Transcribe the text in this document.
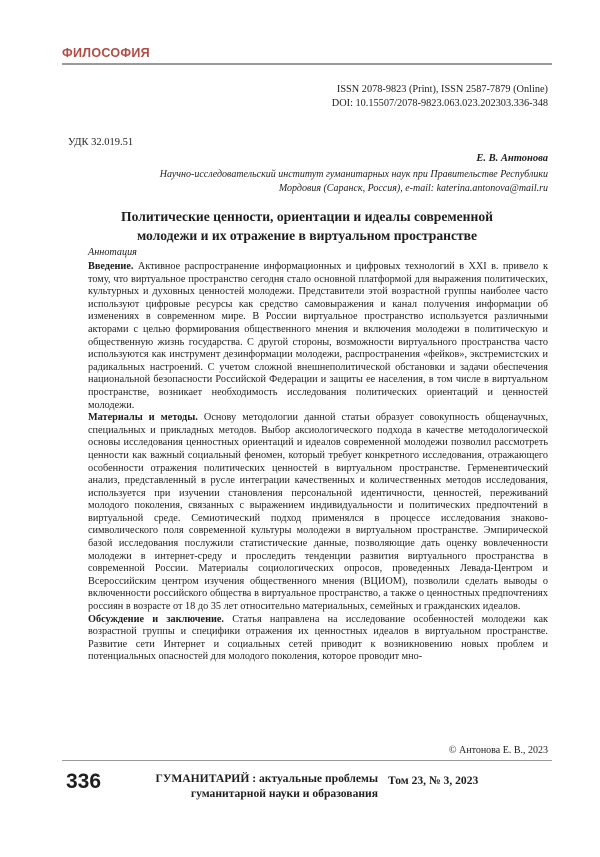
ФИЛОСОФИЯ
ISSN 2078-9823 (Print), ISSN 2587-7879 (Online)
DOI: 10.15507/2078-9823.063.023.202303.336-348
УДК 32.019.51
Е. В. Антонова
Научно-исследовательский институт гуманитарных наук при Правительстве Республики
Мордовия (Саранск, Россия), e-mail: katerina.antonova@mail.ru
Политические ценности, ориентации и идеалы современной
молодежи и их отражение в виртуальном пространстве
Аннотация

Введение. Активное распространение информационных и цифровых технологий в XXI в. привело к тому, что виртуальное пространство сегодня стало основной платформой для выражения политических, культурных и духовных ценностей молодежи. Представители этой возрастной группы наиболее часто используют цифровые ресурсы как средство самовыражения и канал получения информации об изменениях в современном мире. В России виртуальное пространство используется различными акторами с целью формирования общественного мнения и включения молодежи в политическую и общественную жизнь государства. С другой стороны, возможности виртуального пространства часто используются как инструмент дезинформации молодежи, распространения «фейков», экстремистских и радикальных настроений. С учетом сложной внешнеполитической обстановки и задачи обеспечения национальной безопасности Российской Федерации и защиты ее населения, в том числе в виртуальном пространстве, возникает необходимость исследования политических ориентаций и ценностей молодежи.

Материалы и методы. Основу методологии данной статьи образует совокупность общенаучных, специальных и прикладных методов. Выбор аксиологического подхода в качестве методологической основы исследования ценностных ориентаций и идеалов современной молодежи позволил рассмотреть ценности как важный социальный феномен, который требует конкретного исследования, отражающего особенности отражения политических ценностей в виртуальном пространстве. Герменевтический анализ, представленный в русле интеграции качественных и количественных методов исследования, используется при изучении становления персональной идентичности, ценностей, переживаний молодого поколения, связанных с выражением индивидуальности и политических предпочтений в виртуальной среде. Семиотический подход применялся в процессе исследования знаково-символического поля современной культуры молодежи в виртуальном пространстве. Эмпирической базой исследования послужили статистические данные, позволяющие дать оценку вовлеченности молодежи в интернет-среду и проследить тенденции развития виртуального пространства в современной России. Материалы социологических опросов, проведенных Левада-Центром и Всероссийским центром изучения общественного мнения (ВЦИОМ), позволили сделать выводы о включенности российского общества в виртуальное пространство, а также о ценностных предпочтениях россиян в возрасте от 18 до 35 лет относительно материальных, семейных и гражданских идеалов.

Обсуждение и заключение. Статья направлена на исследование особенностей молодежи как возрастной группы и специфики отражения их ценностных идеалов в виртуальном пространстве. Развитие сети Интернет и социальных сетей приводит к возникновению новых проблем и потенциальных опасностей для молодого поколения, которое проводит мно-

© Антонова Е. В., 2023
336	ГУМАНИТАРИЙ : актуальные проблемы
гуманитарной науки и образования
Том 23, № 3, 2023
